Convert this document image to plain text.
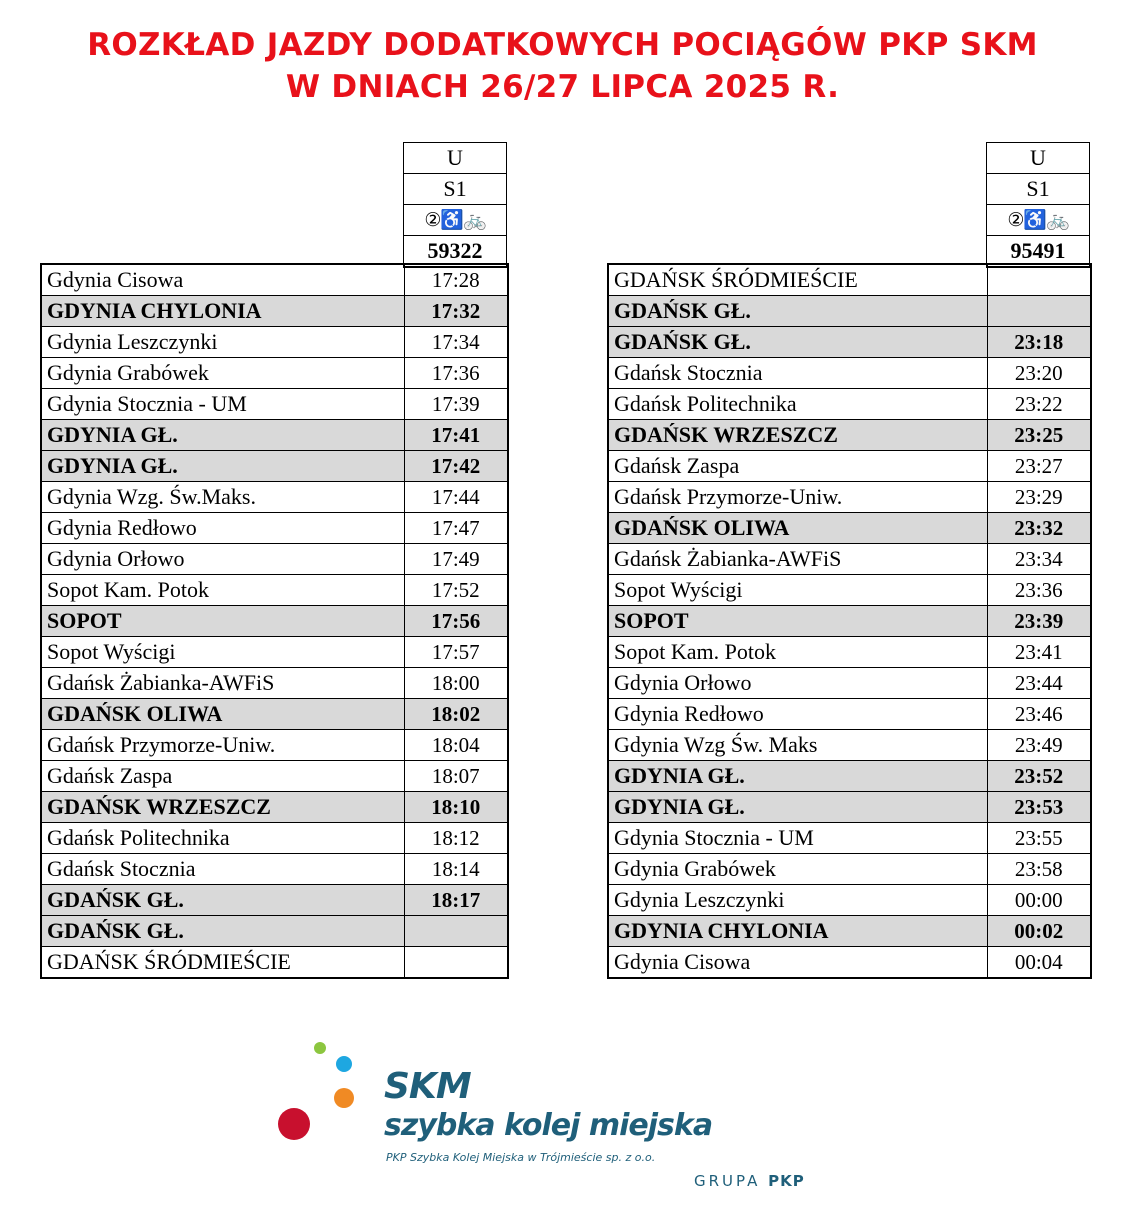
ROZKŁAD JAZDY DODATKOWYCH POCIĄGÓW PKP SKM
W DNIACH 26/27 LIPCA 2025 R.
U
S1
②♿🚲
59322
U
S1
②♿🚲
95491
Gdynia Cisowa	17:28
GDYNIA CHYLONIA	17:32
Gdynia Leszczynki	17:34
Gdynia Grabówek	17:36
Gdynia Stocznia - UM	17:39
GDYNIA GŁ.	17:41
GDYNIA GŁ.	17:42
Gdynia Wzg. Św.Maks.	17:44
Gdynia Redłowo	17:47
Gdynia Orłowo	17:49
Sopot Kam. Potok	17:52
SOPOT	17:56
Sopot Wyścigi	17:57
Gdańsk Żabianka-AWFiS	18:00
GDAŃSK OLIWA	18:02
Gdańsk Przymorze-Uniw.	18:04
Gdańsk Zaspa	18:07
GDAŃSK WRZESZCZ	18:10
Gdańsk Politechnika	18:12
Gdańsk Stocznia	18:14
GDAŃSK GŁ.	18:17
GDAŃSK GŁ.	
GDAŃSK ŚRÓDMIEŚCIE	
GDAŃSK ŚRÓDMIEŚCIE	
GDAŃSK GŁ.	
GDAŃSK GŁ.	23:18
Gdańsk Stocznia	23:20
Gdańsk Politechnika	23:22
GDAŃSK WRZESZCZ	23:25
Gdańsk Zaspa	23:27
Gdańsk Przymorze-Uniw.	23:29
GDAŃSK OLIWA	23:32
Gdańsk Żabianka-AWFiS	23:34
Sopot Wyścigi	23:36
SOPOT	23:39
Sopot Kam. Potok	23:41
Gdynia Orłowo	23:44
Gdynia Redłowo	23:46
Gdynia Wzg Św. Maks	23:49
GDYNIA GŁ.	23:52
GDYNIA GŁ.	23:53
Gdynia Stocznia - UM	23:55
Gdynia Grabówek	23:58
Gdynia Leszczynki	00:00
GDYNIA CHYLONIA	00:02
Gdynia Cisowa	00:04
SKM
szybka kolej miejska
PKP Szybka Kolej Miejska w Trójmieście sp. z o.o.
GRUPA PKP
